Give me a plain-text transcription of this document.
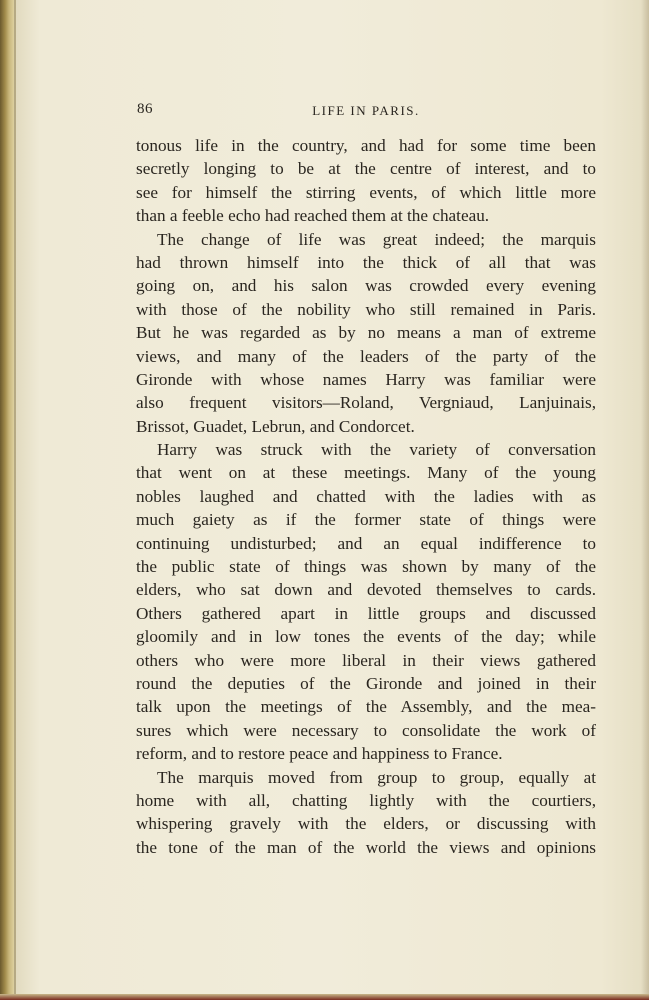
86	LIFE IN PARIS.
tonous life in the country, and had for some time been
secretly longing to be at the centre of interest, and to
see for himself the stirring events, of which little more
than a feeble echo had reached them at the chateau.
The change of life was great indeed; the marquis
had thrown himself into the thick of all that was
going on, and his salon was crowded every evening
with those of the nobility who still remained in Paris.
But he was regarded as by no means a man of extreme
views, and many of the leaders of the party of the
Gironde with whose names Harry was familiar were
also frequent visitors—Roland, Vergniaud, Lanjuinais,
Brissot, Guadet, Lebrun, and Condorcet.
Harry was struck with the variety of conversation
that went on at these meetings. Many of the young
nobles laughed and chatted with the ladies with as
much gaiety as if the former state of things were
continuing undisturbed; and an equal indifference to
the public state of things was shown by many of the
elders, who sat down and devoted themselves to cards.
Others gathered apart in little groups and discussed
gloomily and in low tones the events of the day; while
others who were more liberal in their views gathered
round the deputies of the Gironde and joined in their
talk upon the meetings of the Assembly, and the mea-
sures which were necessary to consolidate the work of
reform, and to restore peace and happiness to France.
The marquis moved from group to group, equally at
home with all, chatting lightly with the courtiers,
whispering gravely with the elders, or discussing with
the tone of the man of the world the views and opinions
